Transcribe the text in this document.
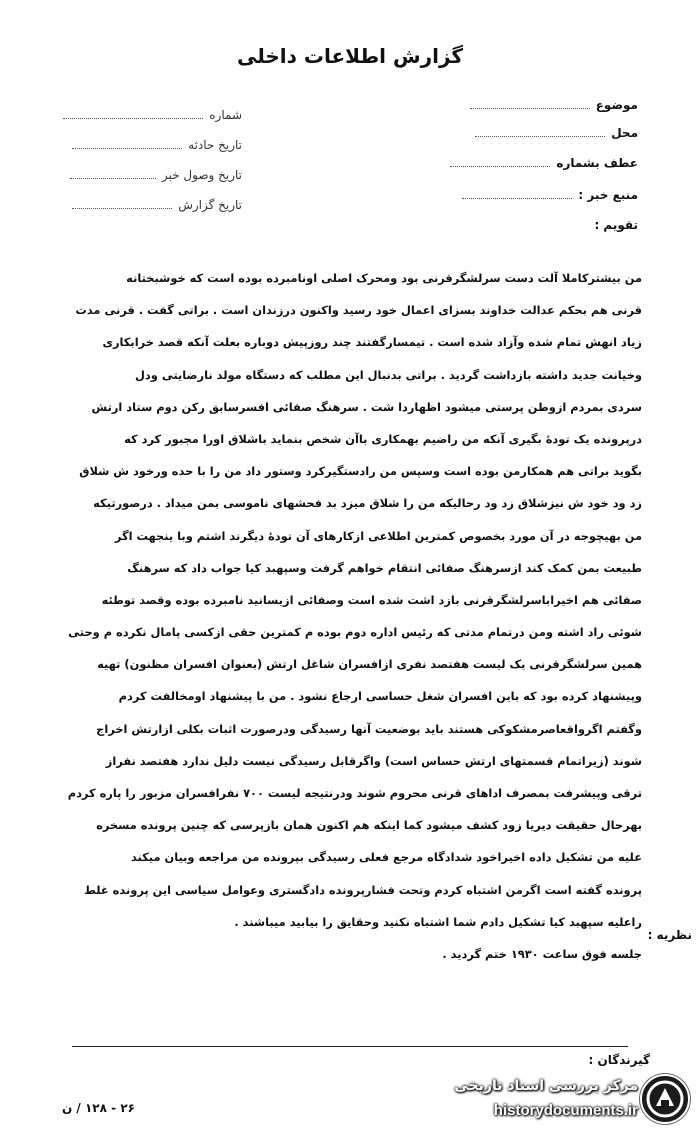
گزارش اطلاعات داخلی
موضوع
محل
عطف بشماره
منبع خبر :
تقویم :
شماره
تاریخ حادثه
تاریخ وصول خبر
تاریخ گزارش
من بیشترکاملا آلت دست سرلشگرقرنی بود ومحرک اصلی اونامبرده بوده است که خوشبختانه
قرنی هم بحکم عدالت خداوند بسزای اعمال خود رسید واکنون درزندان است . براتی گفت . قرنی مدت
زیاد انهش تمام شده وآزاد شده است . تیمسارگفتند چند روزپیش دوباره بعلت آنکه قصد خرابکاری
وخیانت جدید داشته بازداشت گردید . براتی بدنبال این مطلب که دستگاه مولد نارضایتی ودل
سردی بمردم ازوطن پرستی میشود اظهاردا شت . سرهنگ صفائی افسرسابق رکن دوم ستاد ارتش
درپرونده یک تودهٔ بگیری آنکه من راضیم بهمکاری باآن شخص بنماید باشلاق اورا مجبور کرد که
بگوید براتی هم همکارمن بوده است وسپس من رادستگیرکرد وستور داد من را با حده ورخود ش شلاق
زد ود خود ش نیزشلاق زد ود رحالیکه من را شلاق میزد بد فحشهای ناموسی بمن میداد . درصورتیکه
من بهیچوجه در آن مورد بخصوص کمترین اطلاعی ازکارهای آن تودهٔ دیگرند اشتم وبا ینجهت اگر
طبیعت بمن کمک کند ازسرهنگ صفائی انتقام خواهم گرفت وسپهبد کیا جواب داد که سرهنگ
صفائی هم اخیراباسرلشگرقرنی بازد اشت شده است وصفائی ازیسانید نامبرده بوده وقصد توطئه
شوئی راد اشته ومن درتمام مدتی که رئیس اداره دوم بوده م کمترین حقی ازکسی پامال نکرده م وحتی
همین سرلشگرقرنی یک لیست هفتصد نفری ازافسران شاغل ارتش (بعنوان افسران مظنون) تهیه
وپیشنهاد کرده بود که باین افسران شغل حساسی ارجاع نشود . من با پیشنهاد اومخالفت کردم
وگفتم اگرواقعاصرمشکوکی هستند باید بوضعیت آنها رسیدگی ودرصورت اثبات بکلی ازارتش اخراج
شوند (زیراتمام قسمتهای ارتش حساس است) واگرقابل رسیدگی نیست دلیل ندارد هفتصد نفراز
ترقی وپیشرفت بمصرف اداهای قرنی محروم شوند ودرنتیجه لیست ۷۰۰ نفرافسران مزبور را پاره کردم
بهرحال حقیقت دیریا زود کشف میشود کما اینکه هم اکنون همان بازپرسی که چنین پرونده مسخره
علیه من تشکیل داده اخیراخود شدادگاه مرجع فعلی رسیدگی بپرونده من مراجعه وبیان میکند
پرونده گفته است اگرمن اشتباه کردم وتحت فشارپرونده دادگستری وعوامل سیاسی این پرونده غلط
راعلیه سپهبد کیا تشکیل دادم شما اشتباه نکنید وحقایق را بیابید میباشند .
جلسه فوق ساعت ۱۹۳۰ ختم گردید .
نظریه :
گیرندگان :
۲۶ - ۱۲۸ / ن
مرکز بررسی اسناد تاریخی
historydocuments.ir
